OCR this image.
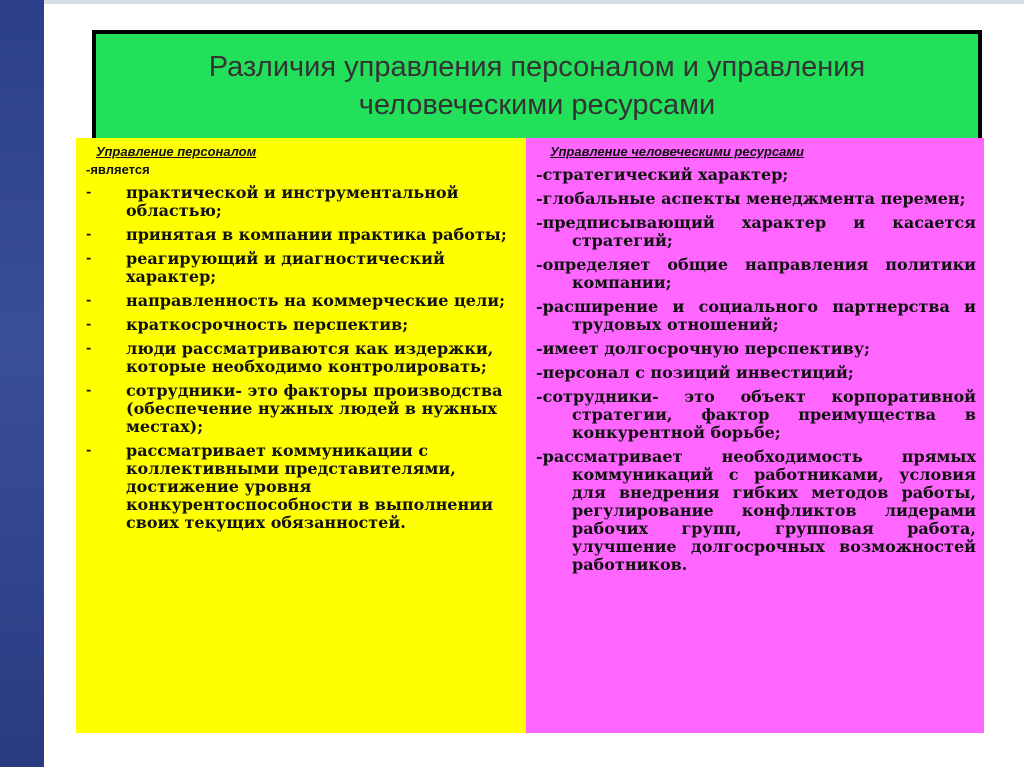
Различия управления персоналом и управления
человеческими ресурсами
Управление персоналом
-является
-	практической и инструментальной областью;
-	принятая в компании практика работы;
-	реагирующий и диагностический характер;
-	направленность на коммерческие цели;
-	краткосрочность перспектив;
-	люди рассматриваются как издержки, которые необходимо контролировать;
-	сотрудники- это факторы производства (обеспечение нужных людей в нужных местах);
-	рассматривает коммуникации с коллективными представителями, достижение уровня конкурентоспособности в выполнении своих текущих обязанностей.
Управление человеческими ресурсами
-стратегический характер;
-глобальные аспекты менеджмента перемен;
-предписывающий характер и касается стратегий;
-определяет общие направления политики компании;
-расширение и социального партнерства и трудовых отношений;
-имеет долгосрочную перспективу;
-персонал с позиций инвестиций;
-сотрудники- это объект корпоративной стратегии, фактор преимущества в конкурентной борьбе;
-рассматривает необходимость прямых коммуникаций с работниками, условия для внедрения гибких методов работы, регулирование конфликтов лидерами рабочих групп, групповая работа, улучшение долгосрочных возможностей работников.
